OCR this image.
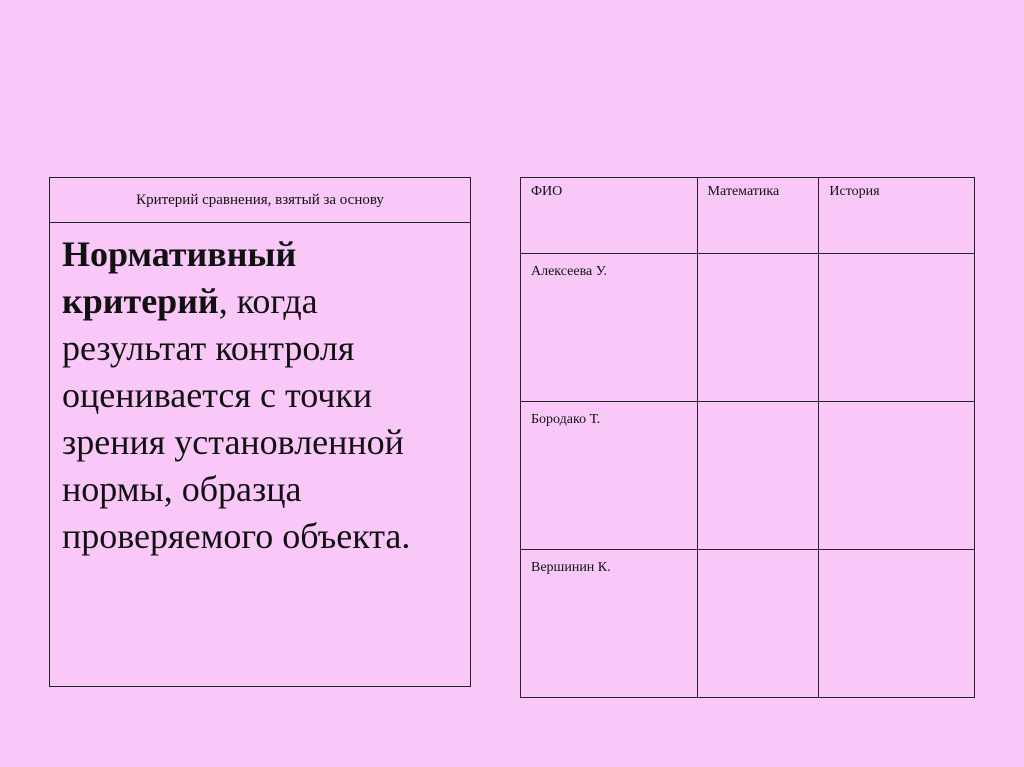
Критерий сравнения, взятый за основу
Нормативный критерий, когда результат контроля оценивается с точки зрения установленной нормы, образца проверяемого объекта.
ФИО	Математика	История
Алексеева У.		
Бородако Т.		
Вершинин К.		
